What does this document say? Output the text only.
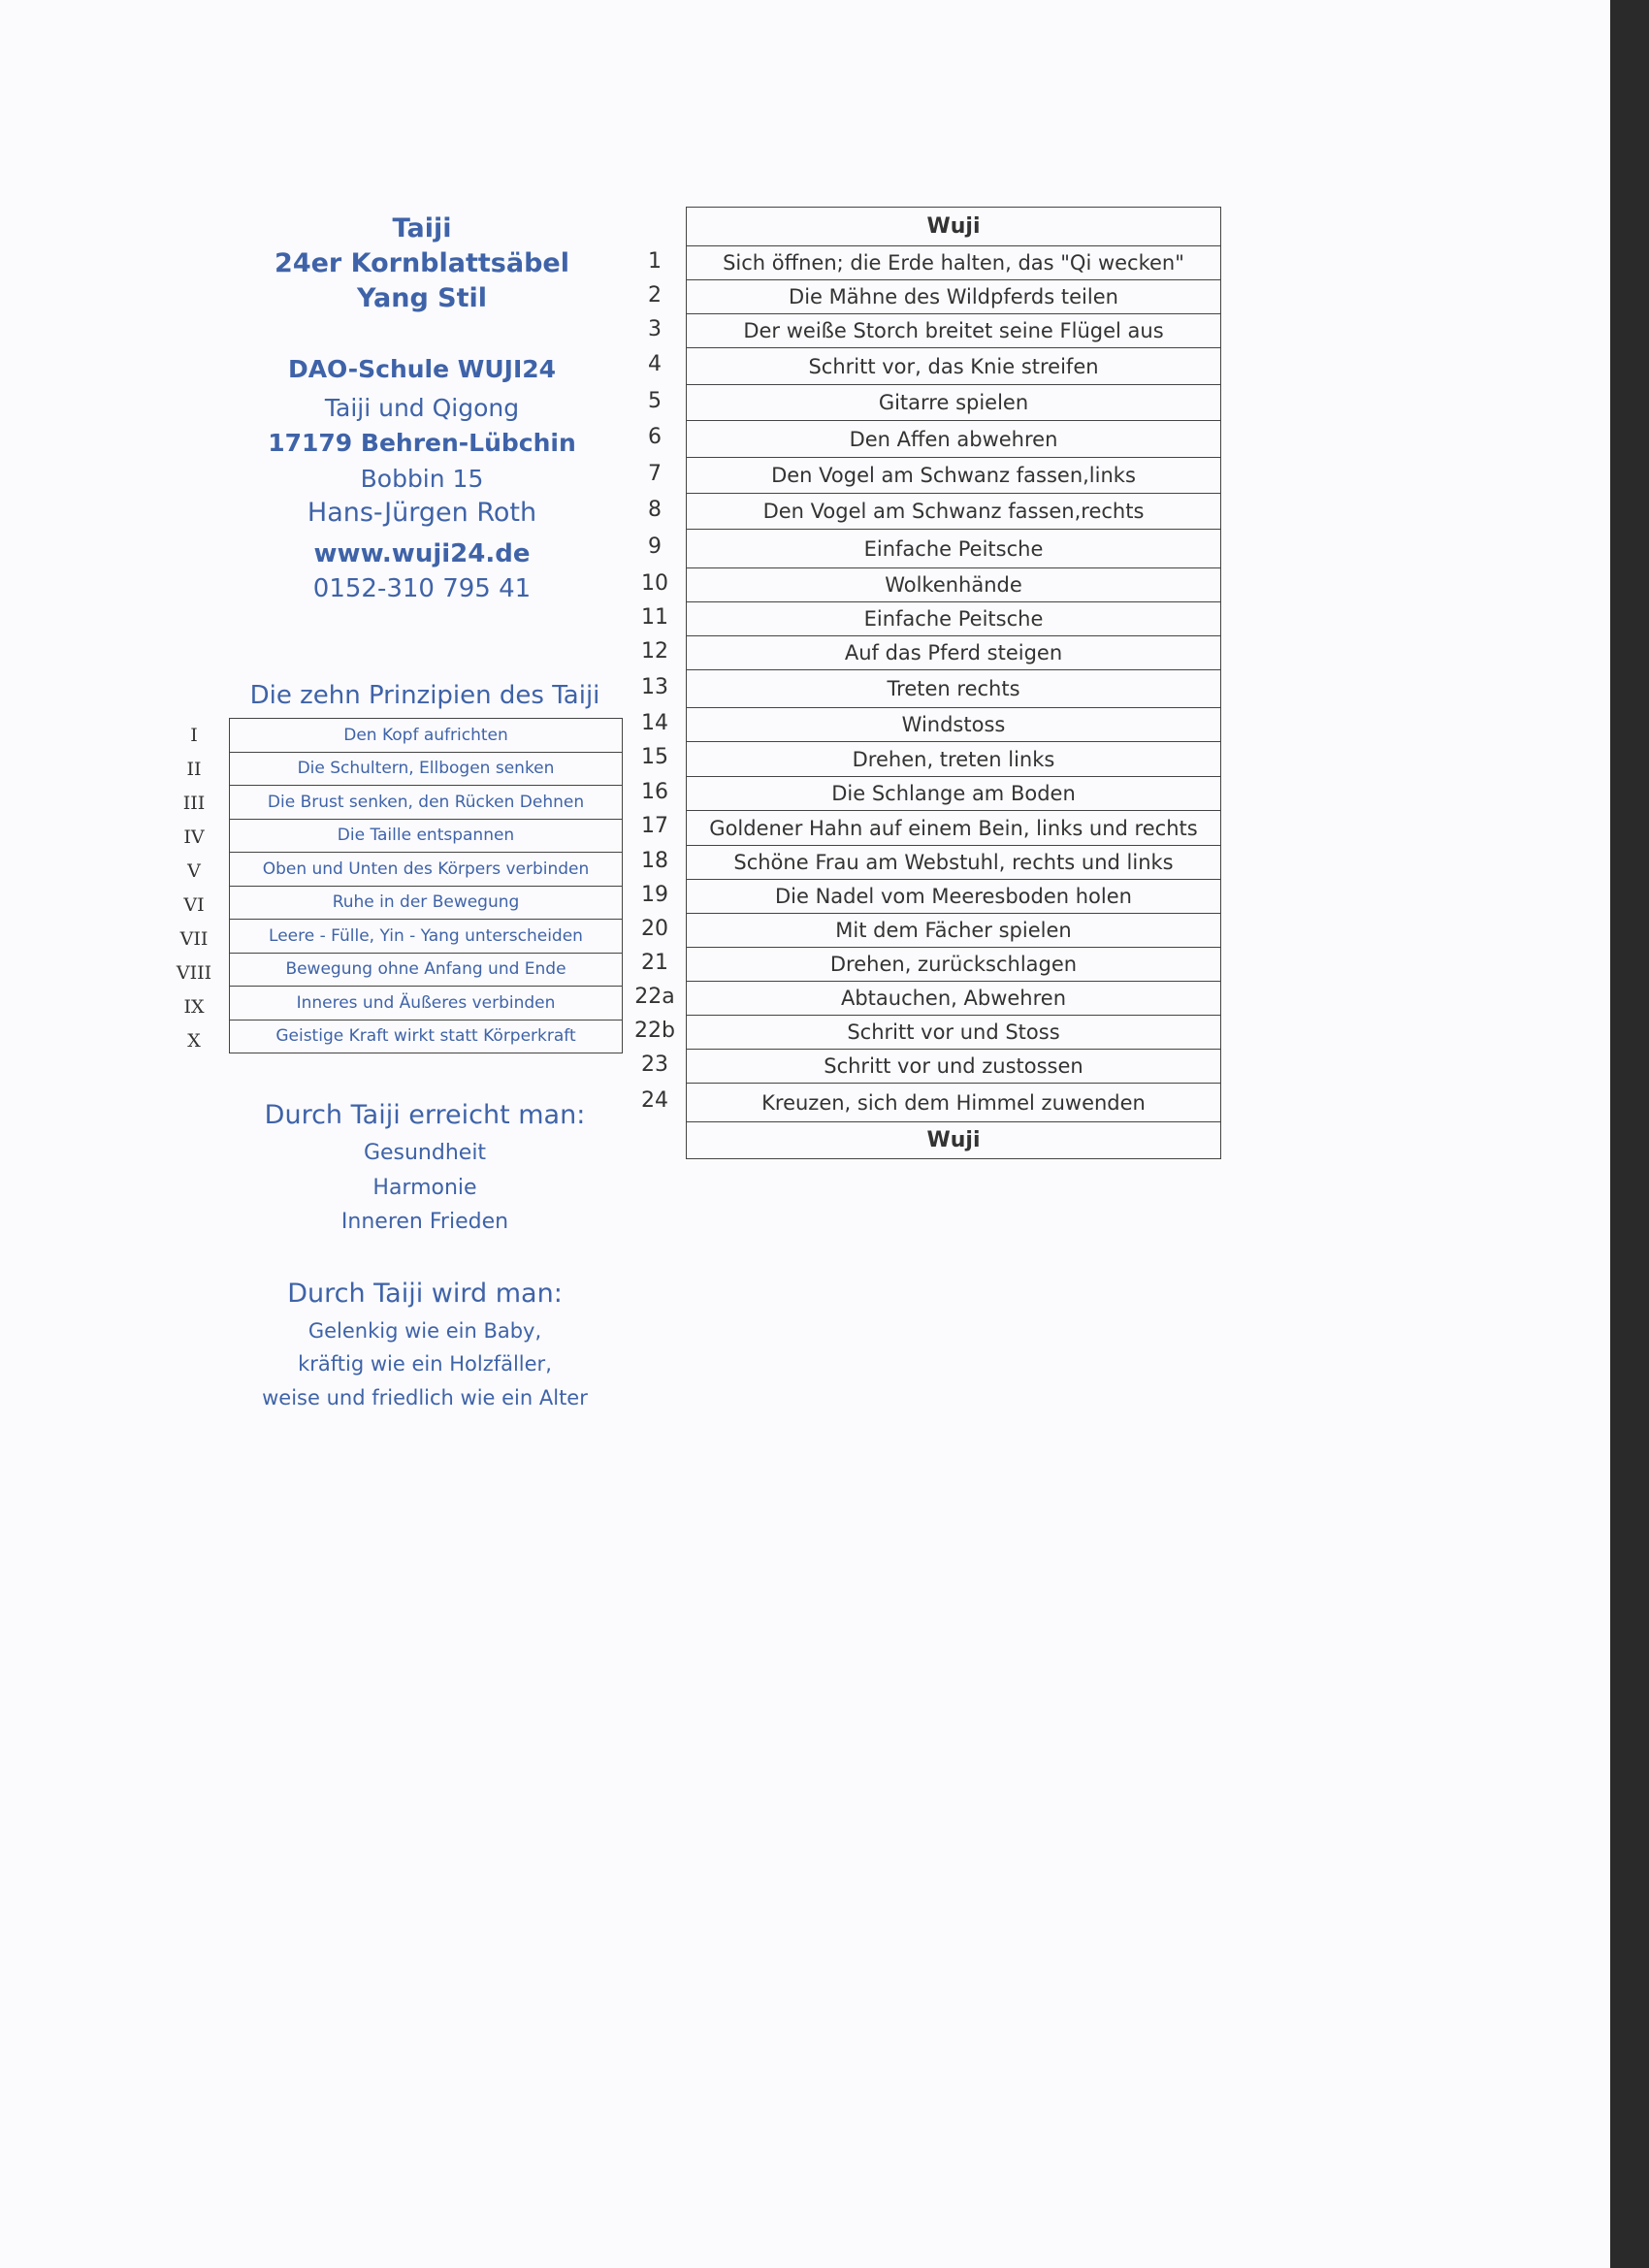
Taiji
24er Kornblattsäbel
Yang Stil
DAO-Schule WUJI24
Taiji und Qigong
17179 Behren-Lübchin
Bobbin 15
Hans-Jürgen Roth
www.wuji24.de
0152-310 795 41
Die zehn Prinzipien des Taiji
I
II
III
IV
V
VI
VII
VIII
IX
X
Den Kopf aufrichten
Die Schultern, Ellbogen senken
Die Brust senken, den Rücken Dehnen
Die Taille entspannen
Oben und Unten des Körpers verbinden
Ruhe in der Bewegung
Leere - Fülle, Yin - Yang unterscheiden
Bewegung ohne Anfang und Ende
Inneres und Äußeres verbinden
Geistige Kraft wirkt statt Körperkraft
Durch Taiji erreicht man:
Gesundheit
Harmonie
Inneren Frieden
Durch Taiji wird man:
Gelenkig wie ein Baby,
kräftig wie ein Holzfäller,
weise und friedlich wie ein Alter
1
2
3
4
5
6
7
8
9
10
11
12
13
14
15
16
17
18
19
20
21
22a
22b
23
24
Wuji
Sich öffnen; die Erde halten, das "Qi wecken"
Die Mähne des Wildpferds teilen
Der weiße Storch breitet seine Flügel aus
Schritt vor, das Knie streifen
Gitarre spielen
Den Affen abwehren
Den Vogel am Schwanz fassen,links
Den Vogel am Schwanz fassen,rechts
Einfache Peitsche
Wolkenhände
Einfache Peitsche
Auf das Pferd steigen
Treten rechts
Windstoss
Drehen, treten links
Die Schlange am Boden
Goldener Hahn auf einem Bein, links und rechts
Schöne Frau am Webstuhl, rechts und links
Die Nadel vom Meeresboden holen
Mit dem Fächer spielen
Drehen, zurückschlagen
Abtauchen, Abwehren
Schritt vor und Stoss
Schritt vor und zustossen
Kreuzen, sich dem Himmel zuwenden
Wuji
